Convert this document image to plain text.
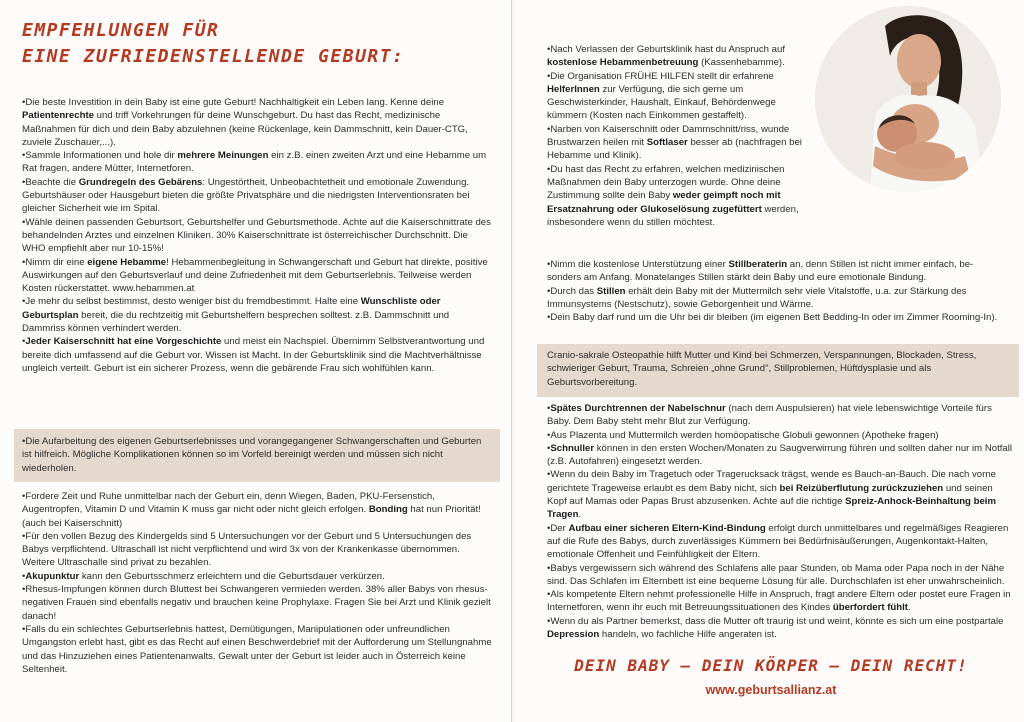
EMPFEHLUNGEN FÜR
EINE ZUFRIEDENSTELLENDE GEBURT:

•Die beste Investition in dein Baby ist eine gute Geburt! Nachhaltigkeit ein Leben lang. Kenne deine Patientenrechte und triff Vorkehrungen für deine Wunschgeburt. Du hast das Recht, medizinische Maßnahmen für dich und dein Baby abzulehnen (keine Rückenlage, kein Dammschnitt, kein Dauer-CTG, zuviele Zuschauer,...).

•Sammle Informationen und hole dir mehrere Meinungen ein z.B. einen zweiten Arzt und eine Hebamme um Rat fragen, andere Mütter, Internetforen.

•Beachte die Grundregeln des Gebärens: Ungestörtheit, Unbeobachtetheit und emotionale Zuwendung. Geburtshäuser oder Hausgeburt bieten die größte Privatsphäre und die niedrigsten Interventionsraten bei gleicher Sicherheit wie im Spital.

•Wähle deinen passenden Geburtsort, Geburtshelfer und Geburtsmethode. Achte auf die Kaiserschnittrate des behandelnden Arztes und einzelnen Kliniken. 30% Kaiserschnittrate ist österreichischer Durchschnitt. Die WHO empfiehlt aber nur 10-15%!

•Nimm dir eine eigene Hebamme! Hebammenbegleitung in Schwangerschaft und Geburt hat direkte, positive Auswirkungen auf den Geburtsverlauf und deine Zufriedenheit mit dem Geburtserlebnis. Teilweise werden Kosten rückerstattet. www.hebammen.at

•Je mehr du selbst bestimmst, desto weniger bist du fremdbestimmt. Halte eine Wunschliste oder Geburtsplan bereit, die du rechtzeitig mit Geburtshelfern besprechen solltest. z.B. Dammschnitt und Dammriss können verhindert werden.

•Jeder Kaiserschnitt hat eine Vorgeschichte und meist ein Nachspiel. Übernimm Selbstverantwortung und bereite dich umfassend auf die Geburt vor. Wissen ist Macht. In der Geburtsklinik sind die Machtverhältnisse ungleich verteilt. Geburt ist ein sicherer Prozess, wenn die gebärende Frau sich wohlfühlen kann.

•Die Aufarbeitung des eigenen Geburtserlebnisses und vorangegangener Schwangerschaften und Geburten ist hilfreich. Mögliche Komplikationen können so im Vorfeld bereinigt werden und müssen sich nicht wiederholen.

•Fordere Zeit und Ruhe unmittelbar nach der Geburt ein, denn Wiegen, Baden, PKU-Fersenstich, Augentropfen, Vitamin D und Vitamin K muss gar nicht oder nicht gleich erfolgen. Bonding hat nun Priorität! (auch bei Kaiserschnitt)

•Für den vollen Bezug des Kindergelds sind 5 Untersuchungen vor der Geburt und 5 Untersuchungen des Babys verpflichtend. Ultraschall ist nicht verpflichtend und wird 3x von der Krankenkasse übernommen. Weitere Ultraschalle sind privat zu bezahlen.

•Akupunktur kann den Geburtsschmerz erleichtern und die Geburtsdauer verkürzen.

•Rhesus-Impfungen können durch Bluttest bei Schwangeren vermieden werden. 38% aller Babys von rhesus-negativen Frauen sind ebenfalls negativ und brauchen keine Prophylaxe. Fragen Sie bei Arzt und Klinik gezielt danach!

•Falls du ein schlechtes Geburtserlebnis hattest, Demütigungen, Manipulationen oder unfreundlichen Umgangston erlebt hast, gibt es das Recht auf einen Beschwerdebrief mit der Aufforderung um Stellungnahme und das Hinzuziehen eines Patientenanwalts. Gewalt unter der Geburt ist leider auch in Österreich keine Seltenheit.

•Nach Verlassen der Geburtsklinik hast du Anspruch auf kostenlose Hebammenbetreuung (Kassenhebamme).

•Die Organisation FRÜHE HILFEN stellt dir erfahrene HelferInnen zur Verfügung, die sich gerne um Geschwisterkinder, Haushalt, Einkauf, Behördenwege kümmern (Kosten nach Einkommen gestaffelt).

•Narben von Kaiserschnitt oder Dammschnitt/riss, wunde Brustwarzen heilen mit Softlaser besser ab (nachfragen bei Hebamme und Klinik).

•Du hast das Recht zu erfahren, welchen medizinischen Maßnahmen dein Baby unterzogen wurde. Ohne deine Zustimmung sollte dein Baby weder geimpft noch mit Ersatznahrung oder Glukoselösung zugefüttert werden, insbesondere wenn du stillen möchtest.

•Nimm die kostenlose Unterstützung einer Stillberaterin an, denn Stillen ist nicht immer einfach, be- sonders am Anfang. Monatelanges Stillen stärkt dein Baby und eure emotionale Bindung.

•Durch das Stillen erhält dein Baby mit der Muttermilch sehr viele Vitalstoffe, u.a. zur Stärkung des Immunsystems (Nestschutz), sowie Geborgenheit und Wärme.

•Dein Baby darf rund um die Uhr bei dir bleiben (im eigenen Bett Bedding-In oder im Zimmer Rooming-In).

Cranio-sakrale Osteopathie hilft Mutter und Kind bei Schmerzen, Verspannungen, Blockaden, Stress, schwieriger Geburt, Trauma, Schreien „ohne Grund", Stillproblemen, Hüftdysplasie und als Geburtsvorbereitung.

•Spätes Durchtrennen der Nabelschnur (nach dem Auspulsieren) hat viele lebenswichtige Vorteile fürs Baby. Dem Baby steht mehr Blut zur Verfügung.

•Aus Plazenta und Muttermilch werden homöopatische Globuli gewonnen (Apotheke fragen)

•Schnuller können in den ersten Wochen/Monaten zu Saugverwirrung führen und sollten daher nur im Notfall (z.B. Autofahren) eingesetzt werden.

•Wenn du dein Baby im Tragetuch oder Tragerucksack trägst, wende es Bauch-an-Bauch. Die nach vorne gerichtete Trageweise erlaubt es dem Baby nicht, sich bei Reizüberflutung zurückzuziehen und seinen Kopf auf Mamas oder Papas Brust abzusenken. Achte auf die richtige Spreiz-Anhock-Beinhaltung beim Tragen.

•Der Aufbau einer sicheren Eltern-Kind-Bindung erfolgt durch unmittelbares und regelmäßiges Reagieren auf die Rufe des Babys, durch zuverlässiges Kümmern bei Bedürfnisäußerungen, Augenkontakt-Halten, emotionale Offenheit und Feinfühligkeit der Eltern.

•Babys vergewissern sich während des Schlafens alle paar Stunden, ob Mama oder Papa noch in der Nähe sind. Das Schlafen im Elternbett ist eine bequeme Lösung für alle. Durchschlafen ist eher unwahrscheinlich.

•Als kompetente Eltern nehmt professionelle Hilfe in Anspruch, fragt andere Eltern oder postet eure Fragen in Internetforen, wenn ihr euch mit Betreuungssituationen des Kindes überfordert fühlt.

•Wenn du als Partner bemerkst, dass die Mutter oft traurig ist und weint, könnte es sich um eine postpartale Depression handeln, wo fachliche Hilfe angeraten ist.

DEIN BABY – DEIN KÖRPER – DEIN RECHT!
www.geburtsallianz.at
